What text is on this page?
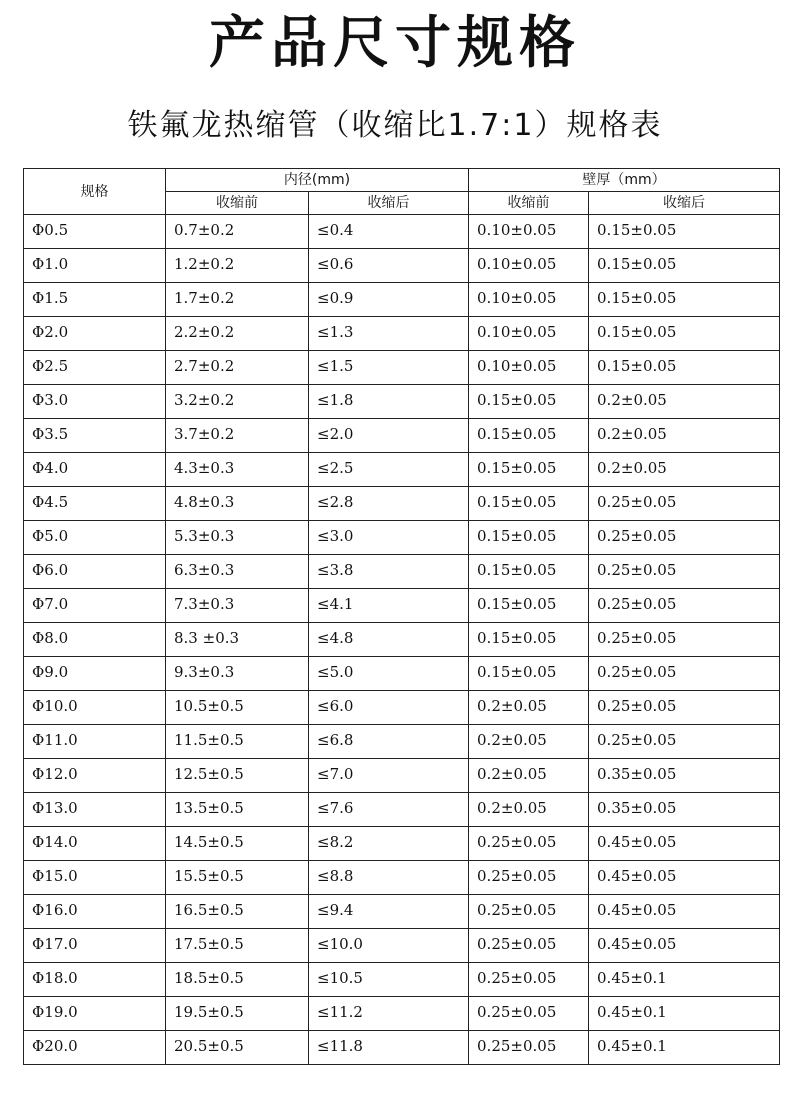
产品尺寸规格
铁氟龙热缩管（收缩比1.7:1）规格表
规格	内径(mm)		壁厚（mm）	
	收缩前	收缩后	收缩前	收缩后
Φ0.5	0.7±0.2	≤0.4	0.10±0.05	0.15±0.05
Φ1.0	1.2±0.2	≤0.6	0.10±0.05	0.15±0.05
Φ1.5	1.7±0.2	≤0.9	0.10±0.05	0.15±0.05
Φ2.0	2.2±0.2	≤1.3	0.10±0.05	0.15±0.05
Φ2.5	2.7±0.2	≤1.5	0.10±0.05	0.15±0.05
Φ3.0	3.2±0.2	≤1.8	0.15±0.05	0.2±0.05
Φ3.5	3.7±0.2	≤2.0	0.15±0.05	0.2±0.05
Φ4.0	4.3±0.3	≤2.5	0.15±0.05	0.2±0.05
Φ4.5	4.8±0.3	≤2.8	0.15±0.05	0.25±0.05
Φ5.0	5.3±0.3	≤3.0	0.15±0.05	0.25±0.05
Φ6.0	6.3±0.3	≤3.8	0.15±0.05	0.25±0.05
Φ7.0	7.3±0.3	≤4.1	0.15±0.05	0.25±0.05
Φ8.0	8.3 ±0.3	≤4.8	0.15±0.05	0.25±0.05
Φ9.0	9.3±0.3	≤5.0	0.15±0.05	0.25±0.05
Φ10.0	10.5±0.5	≤6.0	0.2±0.05	0.25±0.05
Φ11.0	11.5±0.5	≤6.8	0.2±0.05	0.25±0.05
Φ12.0	12.5±0.5	≤7.0	0.2±0.05	0.35±0.05
Φ13.0	13.5±0.5	≤7.6	0.2±0.05	0.35±0.05
Φ14.0	14.5±0.5	≤8.2	0.25±0.05	0.45±0.05
Φ15.0	15.5±0.5	≤8.8	0.25±0.05	0.45±0.05
Φ16.0	16.5±0.5	≤9.4	0.25±0.05	0.45±0.05
Φ17.0	17.5±0.5	≤10.0	0.25±0.05	0.45±0.05
Φ18.0	18.5±0.5	≤10.5	0.25±0.05	0.45±0.1
Φ19.0	19.5±0.5	≤11.2	0.25±0.05	0.45±0.1
Φ20.0	20.5±0.5	≤11.8	0.25±0.05	0.45±0.1
